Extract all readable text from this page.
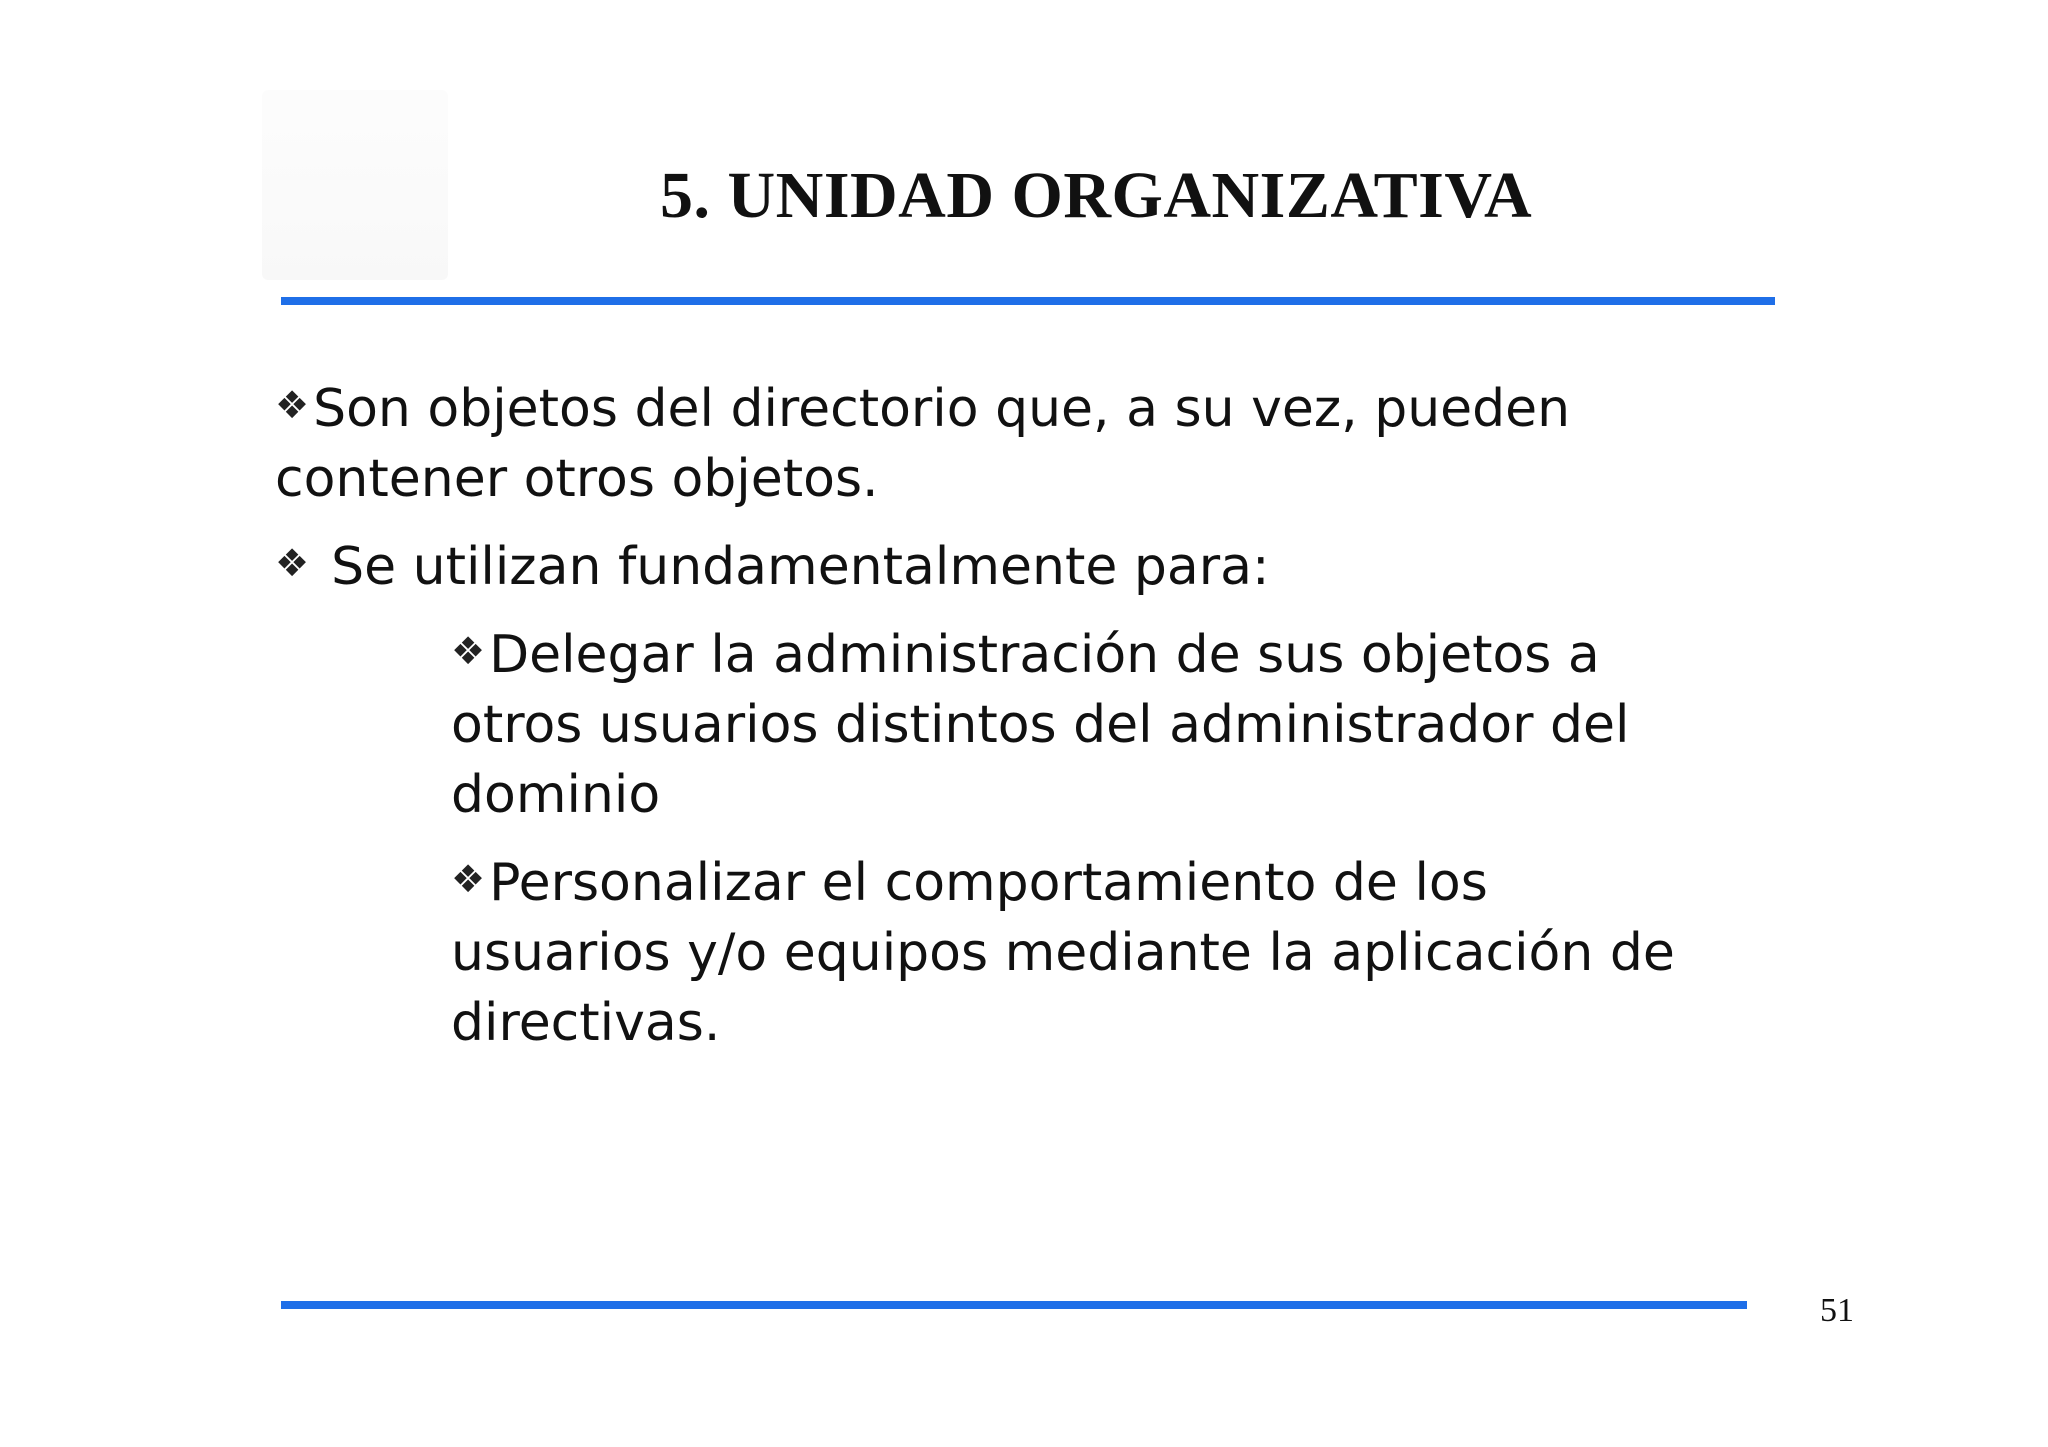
5. UNIDAD ORGANIZATIVA
❖Son objetos del directorio que, a su vez, pueden contener otros objetos.
❖ Se utilizan fundamentalmente para:
❖Delegar la administración de sus objetos a otros usuarios distintos del administrador del dominio
❖Personalizar el comportamiento de los usuarios y/o equipos mediante la aplicación de directivas.
51
